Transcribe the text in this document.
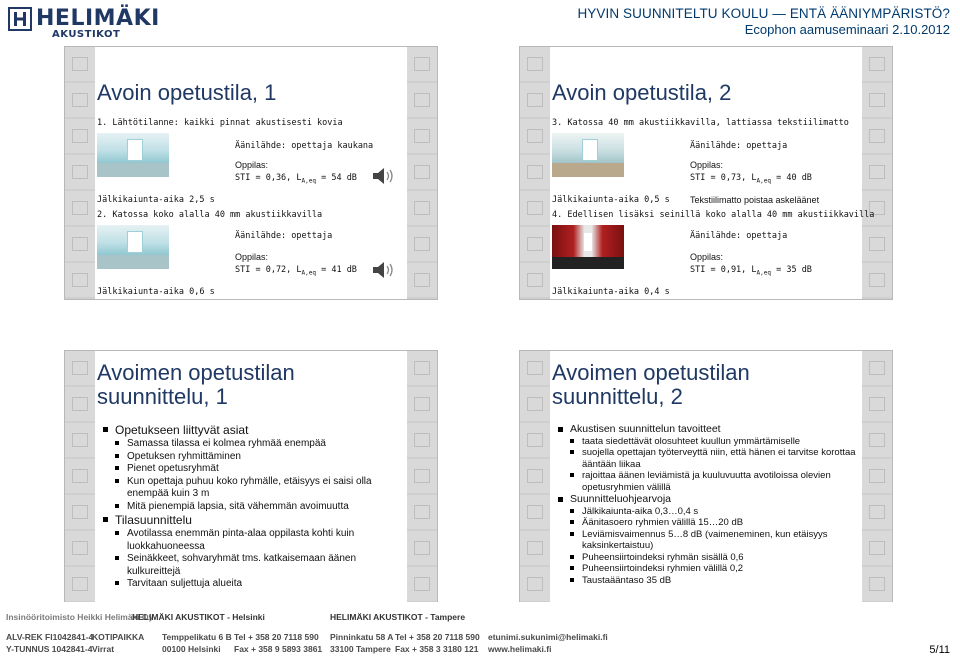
HELIMÄKI
AKUSTIKOT
HYVIN SUUNNITELTU KOULU — ENTÄ ÄÄNIYMPÄRISTÖ?
Ecophon aamuseminaari 2.10.2012
Avoin opetustila, 1
1. Lähtötilanne: kaikki pinnat akustisesti kovia
Äänilähde: opettaja kaukana
Oppilas:
STI = 0,36, $L_{A,eq} = 54$ dB
Jälkikaiunta-aika 2,5 s
2. Katossa koko alalla 40 mm akustiikkavilla
Äänilähde: opettaja
Oppilas:
STI = 0,72, $L_{A,eq} = 41$ dB
Jälkikaiunta-aika 0,6 s
Avoin opetustila, 2
3. Katossa 40 mm akustiikkavilla, lattiassa tekstiilimatto
Äänilähde: opettaja
Oppilas:
STI = 0,73, $L_{A,eq} = 40$ dB
Jälkikaiunta-aika 0,5 s Tekstiilimatto poistaa askeläänet
4. Edellisen lisäksi seinillä koko alalla 40 mm akustiikkavilla
Äänilähde: opettaja
Oppilas:
STI = 0,91, $L_{A,eq} = 35$ dB
Jälkikaiunta-aika 0,4 s
Avoimen opetustilan
suunnittelu, 1

Opetukseen liittyvät asiat

Samassa tilassa ei kolmea ryhmää enempää

Opetuksen ryhmittäminen

Pienet opetusryhmät

Kun opettaja puhuu koko ryhmälle, etäisyys ei saisi olla enempää kuin 3 m

Mitä pienempiä lapsia, sitä vähemmän avoimuutta

Tilasuunnittelu

Avotilassa enemmän pinta-alaa oppilasta kohti kuin luokkahuoneessa

Seinäkkeet, sohvaryhmät tms. katkaisemaan äänen kulkureittejä

Tarvitaan suljettuja alueita

Avoimen opetustilan
suunnittelu, 2

Akustisen suunnittelun tavoitteet

taata siedettävät olosuhteet kuullun ymmärtämiselle

suojella opettajan työterveyttä niin, että hänen ei tarvitse korottaa ääntään liikaa

rajoittaa äänen leviämistä ja kuuluvuutta avotiloissa olevien opetusryhmien välillä

Suunnitteluohjearvoja

Jälkikaiunta-aika 0,3…0,4 s

Äänitasoero ryhmien välillä 15…20 dB

Leviämisvaimennus 5…8 dB (vaimeneminen, kun etäisyys kaksinkertaistuu)

Puheensiirtoindeksi ryhmän sisällä 0,6

Puheensiirtoindeksi ryhmien välillä 0,2

Taustaääntaso 35 dB

Insinööritoimisto Heikki Helimäki Oy
ALV-REK FI1042841-4
Y-TUNNUS 1042841-4
HELIMÄKI AKUSTIKOT - Helsinki
KOTIPAIKKA
Virrat
Temppelikatu 6 B
00100 Helsinki
Tel + 358 20 7118 590
Fax + 358 9 5893 3861
HELIMÄKI AKUSTIKOT - Tampere
Pinninkatu 58 A
33100 Tampere
Tel + 358 20 7118 590
Fax + 358 3 3180 121
etunimi.sukunimi@helimaki.fi
www.helimaki.fi	5/11
